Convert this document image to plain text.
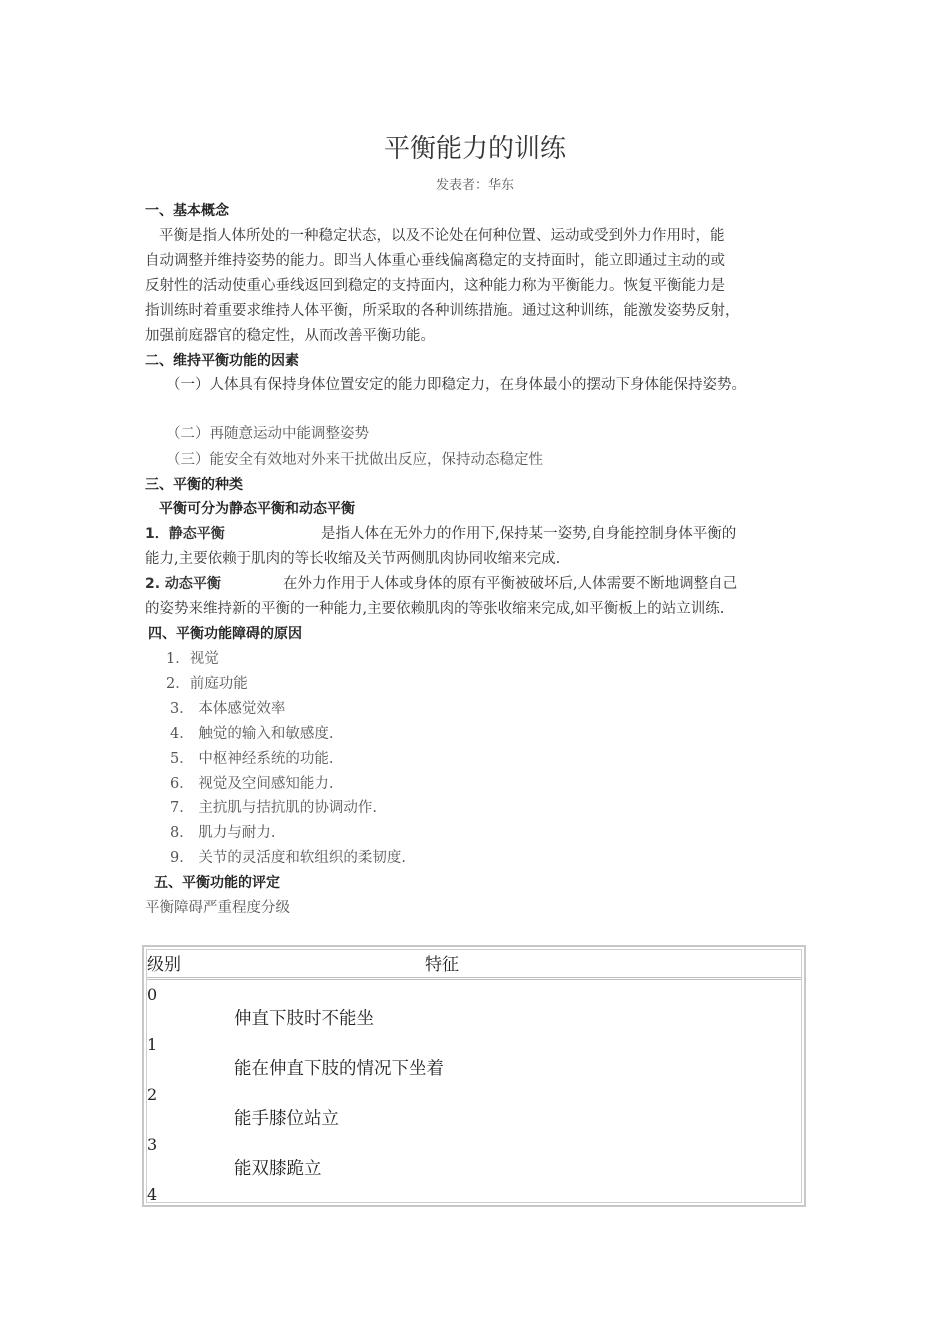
平衡能力的训练
发表者：华东
一、基本概念
平衡是指人体所处的一种稳定状态，以及不论处在何种位置、运动或受到外力作用时，能
自动调整并维持姿势的能力。即当人体重心垂线偏离稳定的支持面时，能立即通过主动的或
反射性的活动使重心垂线返回到稳定的支持面内，这种能力称为平衡能力。恢复平衡能力是
指训练时着重要求维持人体平衡，所采取的各种训练措施。通过这种训练，能激发姿势反射，
加强前庭器官的稳定性，从而改善平衡功能。
二、维持平衡功能的因素
（一）人体具有保持身体位置安定的能力即稳定力，在身体最小的摆动下身体能保持姿势。
（二）再随意运动中能调整姿势
（三）能安全有效地对外来干扰做出反应，保持动态稳定性
三、平衡的种类
平衡可分为静态平衡和动态平衡
1．静态平衡	是指人体在无外力的作用下,保持某一姿势,自身能控制身体平衡的
能力,主要依赖于肌肉的等长收缩及关节两侧肌肉协同收缩来完成.
2. 动态平衡	在外力作用于人体或身体的原有平衡被破坏后,人体需要不断地调整自己
的姿势来维持新的平衡的一种能力,主要依赖肌肉的等张收缩来完成,如平衡板上的站立训练.
四、平衡功能障碍的原因
1．视觉
2．前庭功能
3． 本体感觉效率
4． 触觉的输入和敏感度.
5． 中枢神经系统的功能.
6． 视觉及空间感知能力.
7． 主抗肌与拮抗肌的协调动作.
8． 肌力与耐力.
9． 关节的灵活度和软组织的柔韧度.
五、平衡功能的评定
平衡障碍严重程度分级
级别	特征
0
伸直下肢时不能坐
1
能在伸直下肢的情况下坐着
2
能手膝位站立
3
能双膝跪立
4
